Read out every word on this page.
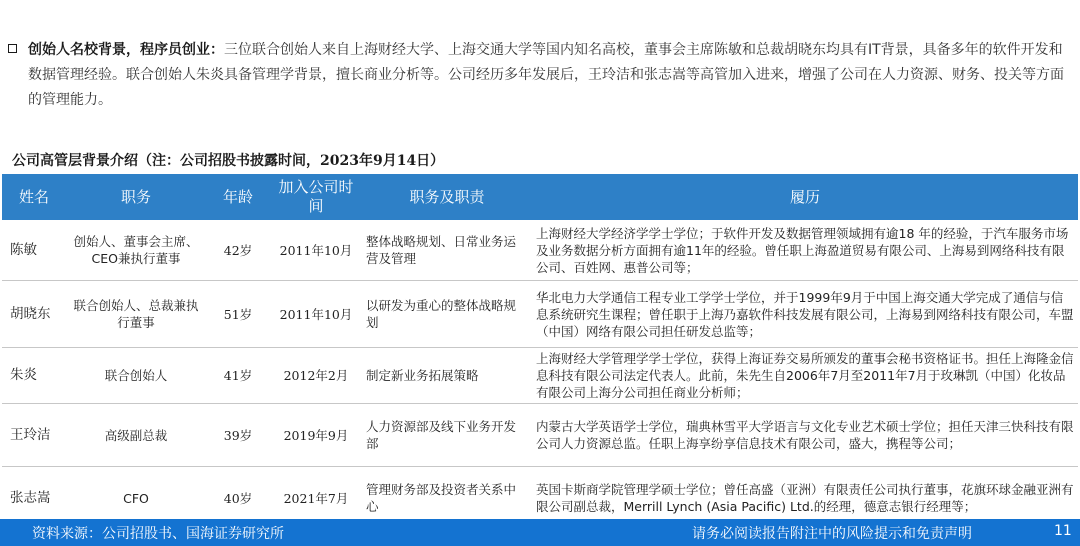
创始人名校背景，程序员创业：三位联合创始人来自上海财经大学、上海交通大学等国内知名高校，董事会主席陈敏和总裁胡晓东均具有IT背景，具备多年的软件开发和数据管理经验。联合创始人朱炎具备管理学背景，擅长商业分析等。公司经历多年发展后，王玲洁和张志嵩等高管加入进来，增强了公司在人力资源、财务、投关等方面的管理能力。
公司高管层背景介绍（注：公司招股书披露时间，2023年9月14日）
姓名	职务	年龄	加入公司时间	职务及职责	履历
陈敏	创始人、董事会主席、CEO兼执行董事	42岁	2011年10月	整体战略规划、日常业务运营及管理	上海财经大学经济学学士学位；于软件开发及数据管理领域拥有逾18 年的经验，于汽车服务市场及业务数据分析方面拥有逾11年的经验。曾任职上海盈道贸易有限公司、上海易到网络科技有限公司、百姓网、惠普公司等；
胡晓东	联合创始人、总裁兼执行董事	51岁	2011年10月	以研发为重心的整体战略规划	华北电力大学通信工程专业工学学士学位，并于1999年9月于中国上海交通大学完成了通信与信息系统研究生课程；曾任职于上海乃嘉软件科技发展有限公司，上海易到网络科技有限公司，车盟（中国）网络有限公司担任研发总监等；
朱炎	联合创始人	41岁	2012年2月	制定新业务拓展策略	上海财经大学管理学学士学位，获得上海证券交易所颁发的董事会秘书资格证书。担任上海隆金信息科技有限公司法定代表人。此前，朱先生自2006年7月至2011年7月于玫琳凯（中国）化妆品有限公司上海分公司担任商业分析师；
王玲洁	高级副总裁	39岁	2019年9月	人力资源部及线下业务开发部	内蒙古大学英语学士学位，瑞典林雪平大学语言与文化专业艺术硕士学位；担任天津三快科技有限公司人力资源总监。任职上海享纷享信息技术有限公司，盛大，携程等公司；
张志嵩	CFO	40岁	2021年7月	管理财务部及投资者关系中心	英国卡斯商学院管理学硕士学位；曾任高盛（亚洲）有限责任公司执行董事，花旗环球金融亚洲有限公司副总裁，Merrill Lynch (Asia Pacific) Ltd.的经理，德意志银行经理等；
资料来源：公司招股书、国海证券研究所	请务必阅读报告附注中的风险提示和免责声明	11
